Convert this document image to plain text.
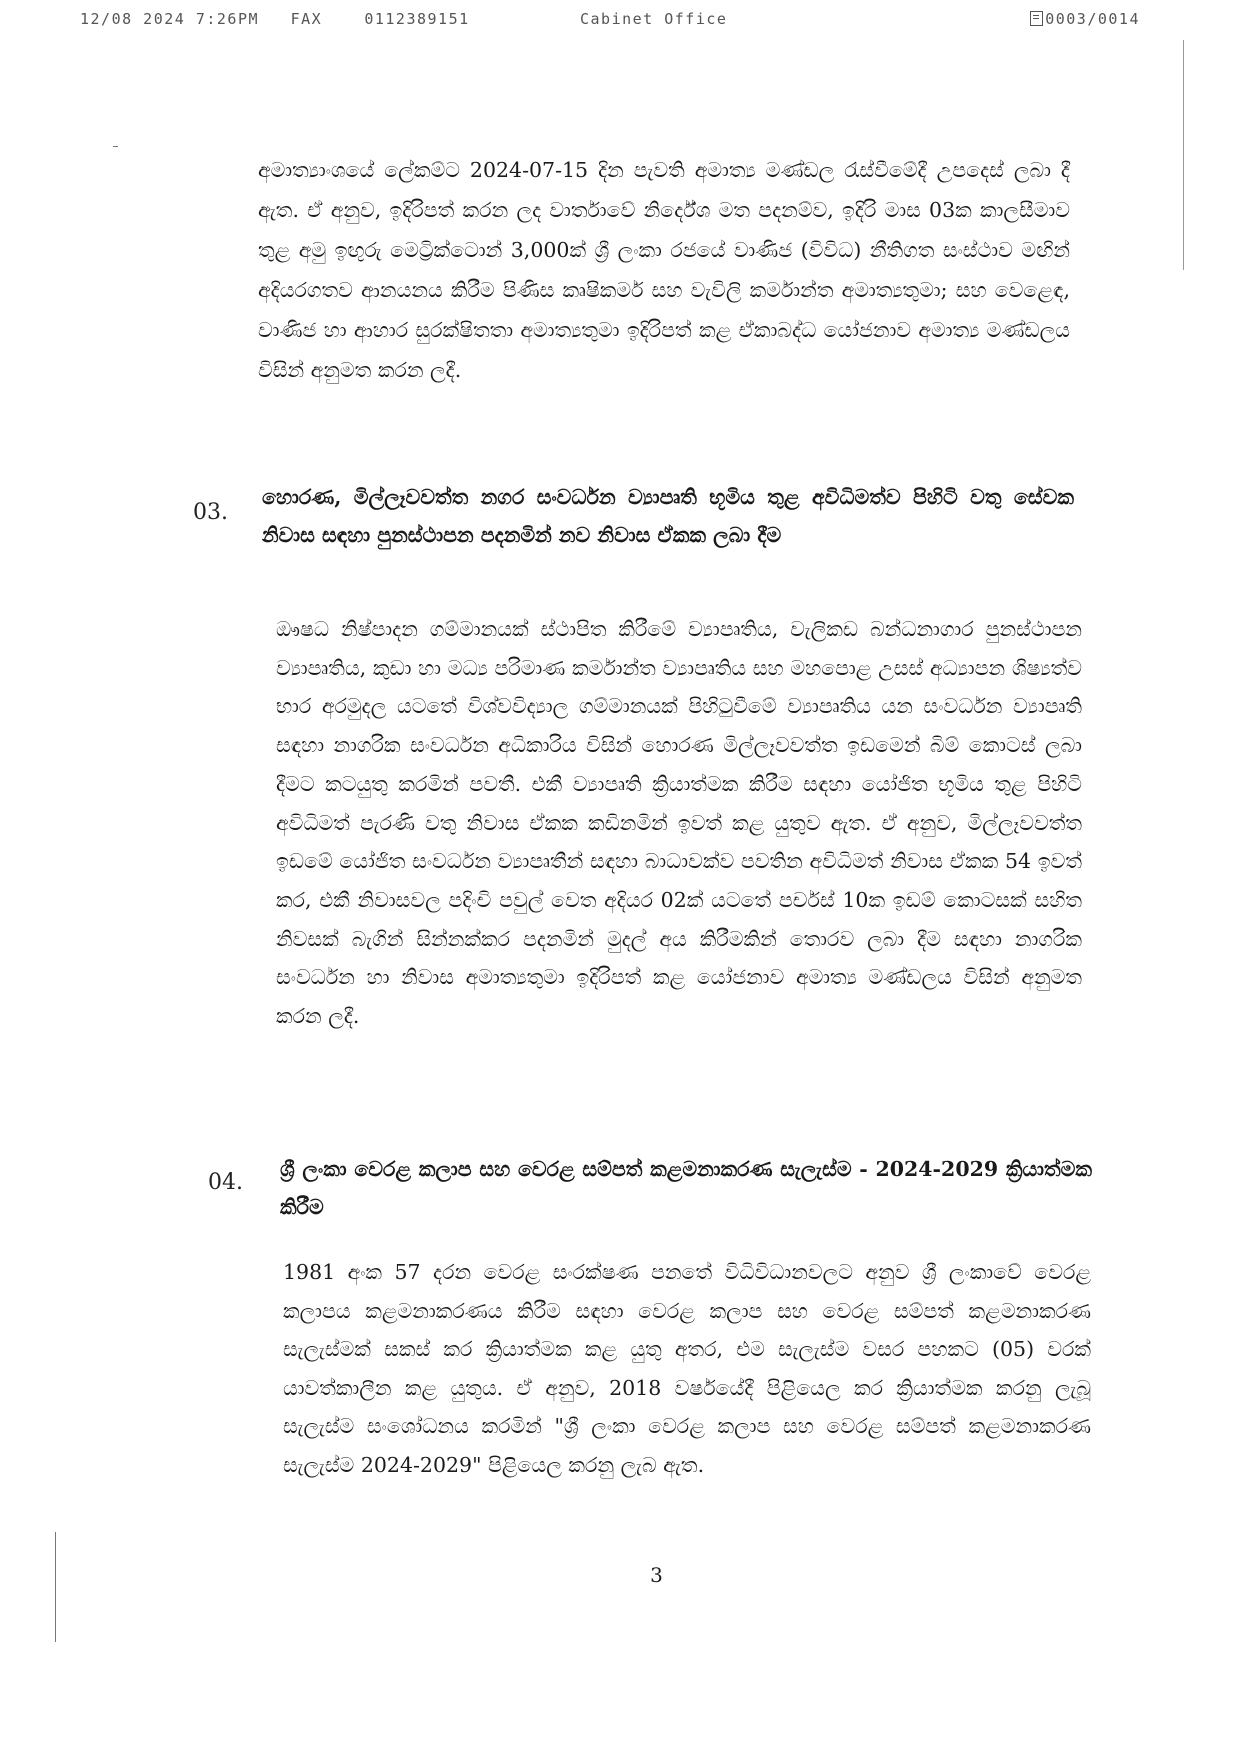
12/08 2024 7:26PM FAX	0112389151	Cabinet Office	0003/0014

අමාත්‍යාංශයේ ලේකම්ට 2024-07-15 දින පැවති අමාත්‍ය මණ්ඩල රැස්වීමේදී උපදෙස් ලබා දී ඇත. ඒ අනුව, ඉදිරිපත් කරන ලද වාර්තාවේ නිර්දේශ මත පදනම්ව, ඉදිරි මාස 03ක කාලසීමාව තුළ අමු ඉඟුරු මෙට්‍රික්ටොන් 3,000ක් ශ්‍රී ලංකා රජයේ වාණිජ (විවිධ) නීතිගත සංස්ථාව මඟින් අදියරගතව ආනයනය කිරීම පිණිස කෘෂිකර්ම සහ වැවිලි කර්මාන්ත අමාත්‍යතුමා; සහ වෙළෙඳ, වාණිජ හා ආහාර සුරක්ෂිතතා අමාත්‍යතුමා ඉදිරිපත් කළ ඒකාබද්ධ යෝජනාව අමාත්‍ය මණ්ඩලය විසින් අනුමත කරන ලදී.

03.

හොරණ, මිල්ලෑවවත්ත නගර සංවර්ධන ව්‍යාපෘති භූමිය තුළ අවිධිමත්ව පිහිටි වතු සේවක නිවාස සඳහා පුනස්ථාපන පදනමින් නව නිවාස ඒකක ලබා දීම

ඖෂධ නිෂ්පාදන ගම්මානයක් ස්ථාපිත කිරීමේ ව්‍යාපෘතිය, වැලිකඩ බන්ධනාගාර පුනස්ථාපන ව්‍යාපෘතිය, කුඩා හා මධ්‍ය පරිමාණ කර්මාන්ත ව්‍යාපෘතිය සහ මහපොළ උසස් අධ්‍යාපන ශිෂ්‍යත්ව භාර අරමුදල යටතේ විශ්වවිද්‍යාල ගම්මානයක් පිහිටුවීමේ ව්‍යාපෘතිය යන සංවර්ධන ව්‍යාපෘති සඳහා නාගරික සංවර්ධන අධිකාරිය විසින් හොරණ මිල්ලෑවවත්ත ඉඩමෙන් බිම් කොටස් ලබා දීමට කටයුතු කරමින් පවතී. එකී ව්‍යාපෘති ක්‍රියාත්මක කිරීම සඳහා යෝජිත භූමිය තුළ පිහිටි අවිධිමත් පැරණි වතු නිවාස ඒකක කඩිනමින් ඉවත් කළ යුතුව ඇත. ඒ අනුව, මිල්ලෑවවත්ත ඉඩමේ යෝජිත සංවර්ධන ව්‍යාපෘතීන් සඳහා බාධාවක්ව පවතින අවිධිමත් නිවාස ඒකක 54 ඉවත් කර, එකී නිවාසවල පදිංචි පවුල් වෙත අදියර 02ක් යටතේ පර්චස් 10ක ඉඩම් කොටසක් සහිත නිවසක් බැගින් සින්නක්කර පදනමින් මුදල් අය කිරීමකින් තොරව ලබා දීම සඳහා නාගරික සංවර්ධන හා නිවාස අමාත්‍යතුමා ඉදිරිපත් කළ යෝජනාව අමාත්‍ය මණ්ඩලය විසින් අනුමත කරන ලදී.

04.

ශ්‍රී ලංකා වෙරළ කලාප සහ වෙරළ සම්පත් කළමනාකරණ සැලැස්ම - 2024-2029 ක්‍රියාත්මක කිරීම

1981 අංක 57 දරන වෙරළ සංරක්ෂණ පනතේ විධිවිධානවලට අනුව ශ්‍රී ලංකාවේ වෙරළ කලාපය කළමනාකරණය කිරීම සඳහා වෙරළ කලාප සහ වෙරළ සම්පත් කළමනාකරණ සැලැස්මක් සකස් කර ක්‍රියාත්මක කළ යුතු අතර, එම සැලැස්ම වසර පහකට (05) වරක් යාවත්කාලීන කළ යුතුය. ඒ අනුව, 2018 වර්ෂයේදී පිළියෙල කර ක්‍රියාත්මක කරනු ලැබූ සැලැස්ම සංශෝධනය කරමින් "ශ්‍රී ලංකා වෙරළ කලාප සහ වෙරළ සම්පත් කළමනාකරණ සැලැස්ම 2024-2029" පිළියෙල කරනු ලැබ ඇත.

3
